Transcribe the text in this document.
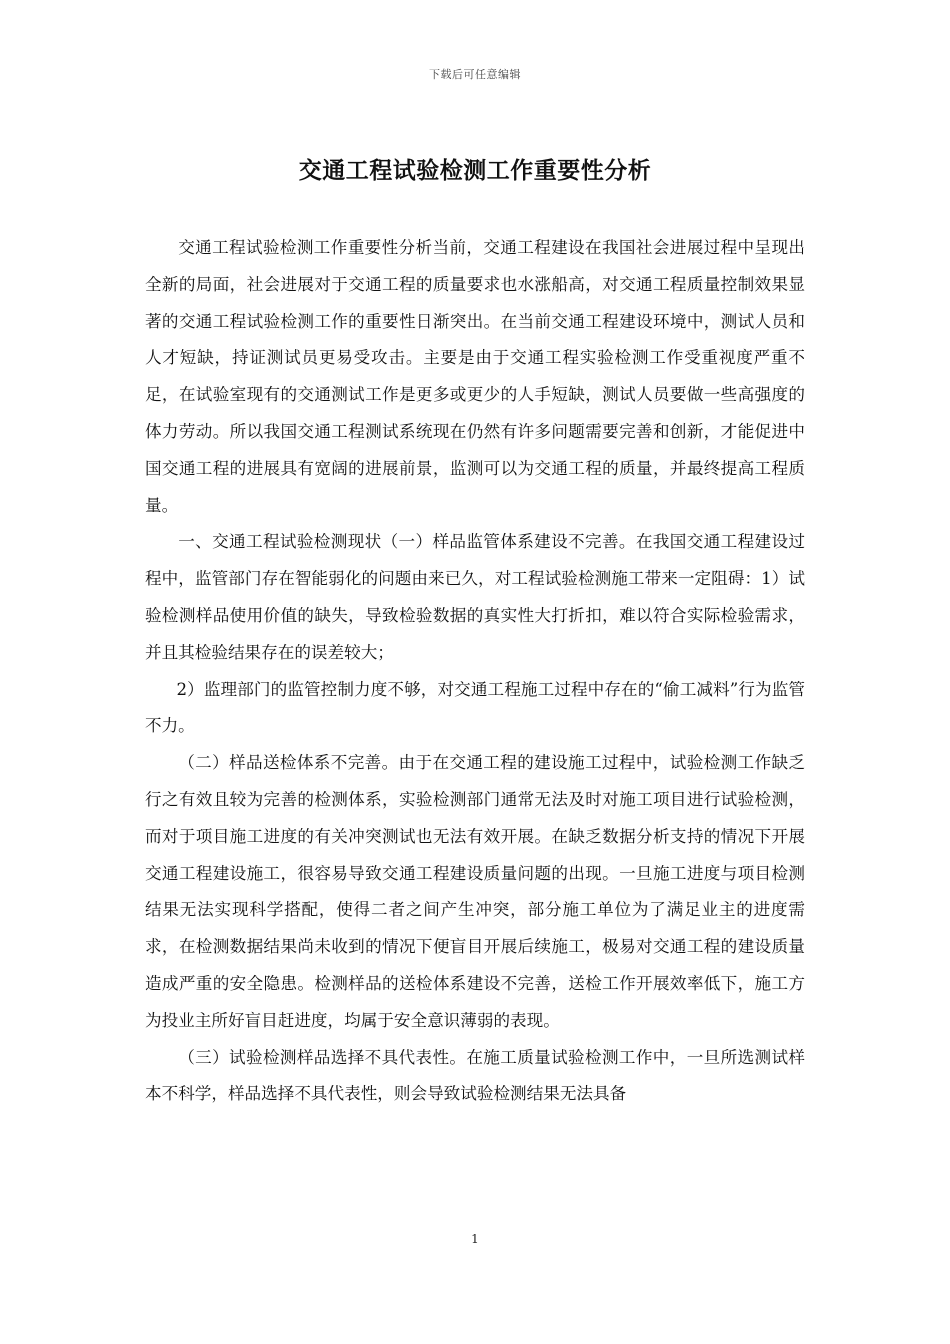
下载后可任意编辑
交通工程试验检测工作重要性分析

交通工程试验检测工作重要性分析当前，交通工程建设在我国社会进展过程中呈现出全新的局面，社会进展对于交通工程的质量要求也水涨船高，对交通工程质量控制效果显著的交通工程试验检测工作的重要性日渐突出。在当前交通工程建设环境中，测试人员和人才短缺，持证测试员更易受攻击。主要是由于交通工程实验检测工作受重视度严重不足，在试验室现有的交通测试工作是更多或更少的人手短缺，测试人员要做一些高强度的体力劳动。所以我国交通工程测试系统现在仍然有许多问题需要完善和创新，才能促进中国交通工程的进展具有宽阔的进展前景，监测可以为交通工程的质量，并最终提高工程质量。

一、交通工程试验检测现状（一）样品监管体系建设不完善。在我国交通工程建设过程中，监管部门存在智能弱化的问题由来已久，对工程试验检测施工带来一定阻碍：1）试验检测样品使用价值的缺失，导致检验数据的真实性大打折扣，难以符合实际检验需求，并且其检验结果存在的误差较大；

2）监理部门的监管控制力度不够，对交通工程施工过程中存在的“偷工减料”行为监管不力。

（二）样品送检体系不完善。由于在交通工程的建设施工过程中，试验检测工作缺乏行之有效且较为完善的检测体系，实验检测部门通常无法及时对施工项目进行试验检测，而对于项目施工进度的有关冲突测试也无法有效开展。在缺乏数据分析支持的情况下开展交通工程建设施工，很容易导致交通工程建设质量问题的出现。一旦施工进度与项目检测结果无法实现科学搭配，使得二者之间产生冲突，部分施工单位为了满足业主的进度需求，在检测数据结果尚未收到的情况下便盲目开展后续施工，极易对交通工程的建设质量造成严重的安全隐患。检测样品的送检体系建设不完善，送检工作开展效率低下，施工方为投业主所好盲目赶进度，均属于安全意识薄弱的表现。

（三）试验检测样品选择不具代表性。在施工质量试验检测工作中，一旦所选测试样本不科学，样品选择不具代表性，则会导致试验检测结果无法具备

1
